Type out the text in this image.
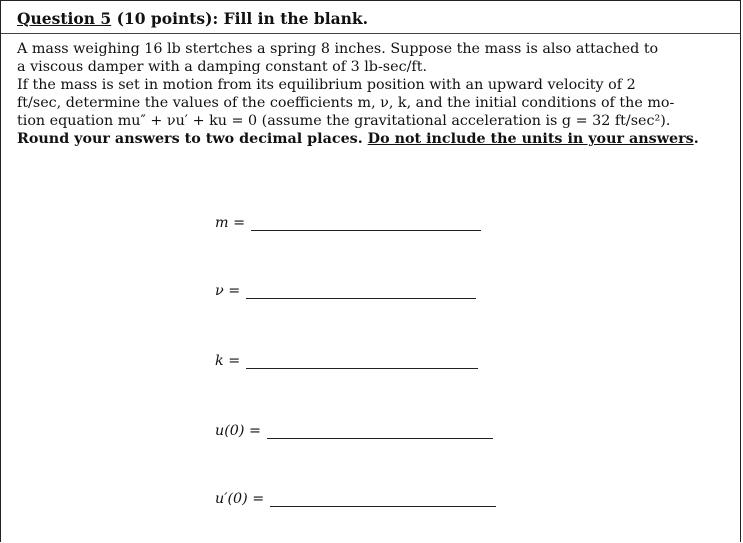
Question 5 (10 points): Fill in the blank.
A mass weighing 16 lb stertches a spring 8 inches. Suppose the mass is also attached to
a viscous damper with a damping constant of 3 lb-sec/ft.
If the mass is set in motion from its equilibrium position with an upward velocity of 2
ft/sec, determine the values of the coefficients m, ν, k, and the initial conditions of the mo-
tion equation mu″ + νu′ + ku = 0 (assume the gravitational acceleration is g = 32 ft/sec²).
Round your answers to two decimal places. Do not include the units in your answers.
m =
ν =
k =
u(0) =
u′(0) =
